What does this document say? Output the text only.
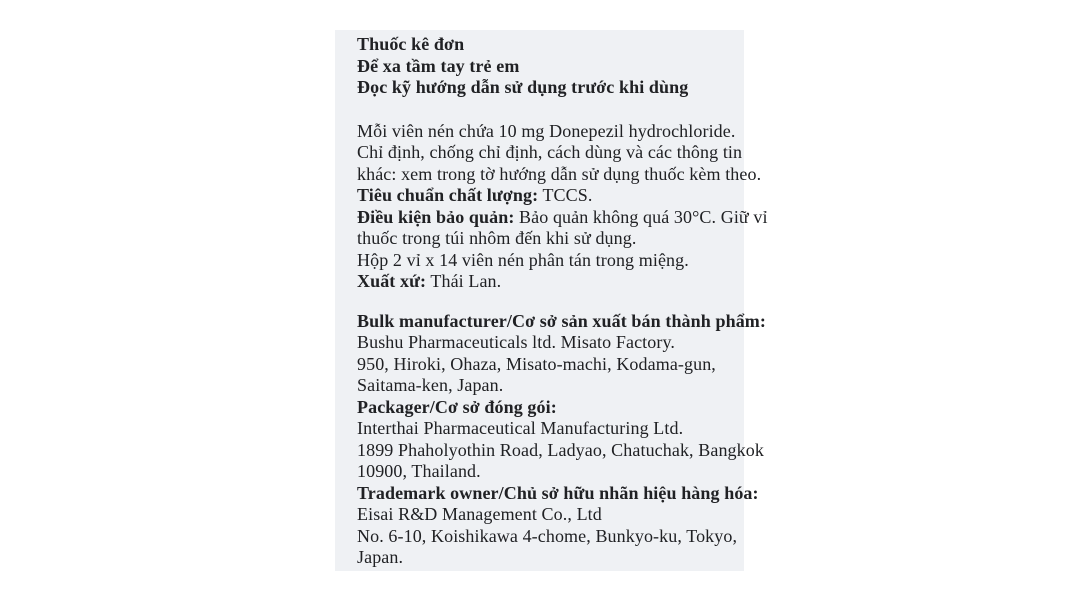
Thuốc kê đơn
Để xa tầm tay trẻ em
Đọc kỹ hướng dẫn sử dụng trước khi dùng
Mỗi viên nén chứa 10 mg Donepezil hydrochloride.
Chỉ định, chống chỉ định, cách dùng và các thông tin
khác: xem trong tờ hướng dẫn sử dụng thuốc kèm theo.
Tiêu chuẩn chất lượng: TCCS.
Điều kiện bảo quản: Bảo quản không quá 30°C. Giữ vỉ
thuốc trong túi nhôm đến khi sử dụng.
Hộp 2 vỉ x 14 viên nén phân tán trong miệng.
Xuất xứ: Thái Lan.
Bulk manufacturer/Cơ sở sản xuất bán thành phẩm:
Bushu Pharmaceuticals ltd. Misato Factory.
950, Hiroki, Ohaza, Misato-machi, Kodama-gun,
Saitama-ken, Japan.
Packager/Cơ sở đóng gói:
Interthai Pharmaceutical Manufacturing Ltd.
1899 Phaholyothin Road, Ladyao, Chatuchak, Bangkok
10900, Thailand.
Trademark owner/Chủ sở hữu nhãn hiệu hàng hóa:
Eisai R&D Management Co., Ltd
No. 6-10, Koishikawa 4-chome, Bunkyo-ku, Tokyo,
Japan.
